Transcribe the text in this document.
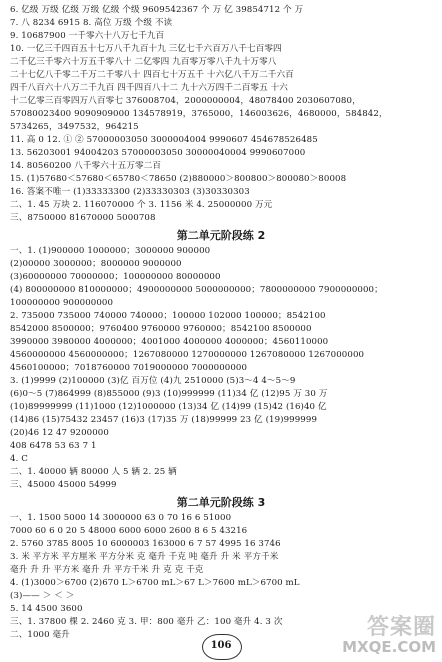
6. 亿级 万级 亿级 万级 亿级 个级 9609542367 个 万 亿 39854712 个 万
7. 八 8234 6915 8. 高位 万级 个级 不读
9. 10687900 一千零六十八万七千九百
10. 一亿三千四百五十七万八千九百十九 三亿七千六百万八千七百零四
二千亿三千零六十万五千零八十 二亿零四 九百零万零八千九十万零八
二十七亿八千零二千万二千零八十 四百七十万五千 十六亿八千万二千六百
四千八百六十八万二千九百 四千四百八十二 九十六万四千二百零五 十六
十二亿零三百零四万八百零七 376008704，2000000004，48078400 2030607080，
57080023400 9090909000 134578919，3765000，146003626，4680000，584842，
5734265，3497532，964215
11. 高 0 12. ① ② 57000003050 3000004004 9990607 454678526485
13. 56203001 94004203 57000003050 30000040004 9990607000
14. 80560200 八千零六十五万零二百
15. (1)57680＜57680＜65780＜78650 (2)880000＞800800＞800080＞80008
16. 答案不唯一 (1)33333300 (2)33330303 (3)30330303
二、1. 45 万块 2. 116070000 个 3. 1156 米 4. 25000000 万元
三、8750000 81670000 5000708
第二单元阶段练 2
一、1. (1)900000 1000000；3000000 900000
(2)00000 3000000；8000000 9000000
(3)60000000 70000000；100000000 80000000
(4) 800000000 810000000；4900000000 5000000000；7800000000 7900000000；
100000000 900000000
2. 735000 735000 740000 740000；100000 102000 100000；8542100
8542000 8500000；9760400 9760000 9760000；8542100 8500000
3990000 3980000 4000000；4001000 4000000 4000000；4560110000
4560000000 4560000000；1267080000 1270000000 1267080000 1267000000
4560100000；7018760000 7019000000 7000000000
3. (1)9999 (2)100000 (3)亿 百万位 (4)九 2510000 (5)3～4 4～5～9
(6)0～5 (7)864999 (8)855000 (9)3 (10)999999 (11)34 亿 (12)95 万 30 万
(10)89999999 (11)1000 (12)1000000 (13)34 亿 (14)99 (15)42 (16)40 亿
(14)86 (15)75432 23457 (16)3 (17)35 万 (18)99999 23 亿 (19)999999
(20)46 12 47 9200000
408 6478 53 63 7 1
4. C
二、1. 40000 辆 80000 人 5 辆 2. 25 辆
三、45000 45000 54999
第二单元阶段练 3
一、1. 1500 5000 14 3000000 63 0 70 16 6 51000
7000 60 6 0 20 5 48000 6000 6000 2600 8 6 5 43216
2. 5760 3785 8005 10 6000003 163000 6 7 57 4995 16 3746
3. 米 平方米 平方厘米 平方分米 克 毫升 千克 吨 毫升 升 米 平方千米
毫升 升 升 平方米 毫升 升 平方千米 升 克 克 千克
4. (1)3000＞6700 (2)670 L＞6700 mL＞67 L＞7600 mL＞6700 mL
(3)—— ＞ ＜ ＞
5. 14 4500 3600
三、1. 37800 棵 2. 2460 克 3. 甲：800 毫升 乙：100 毫升 4. 3 次
二、1000 毫升
106
答案圈
MXQE.COM
